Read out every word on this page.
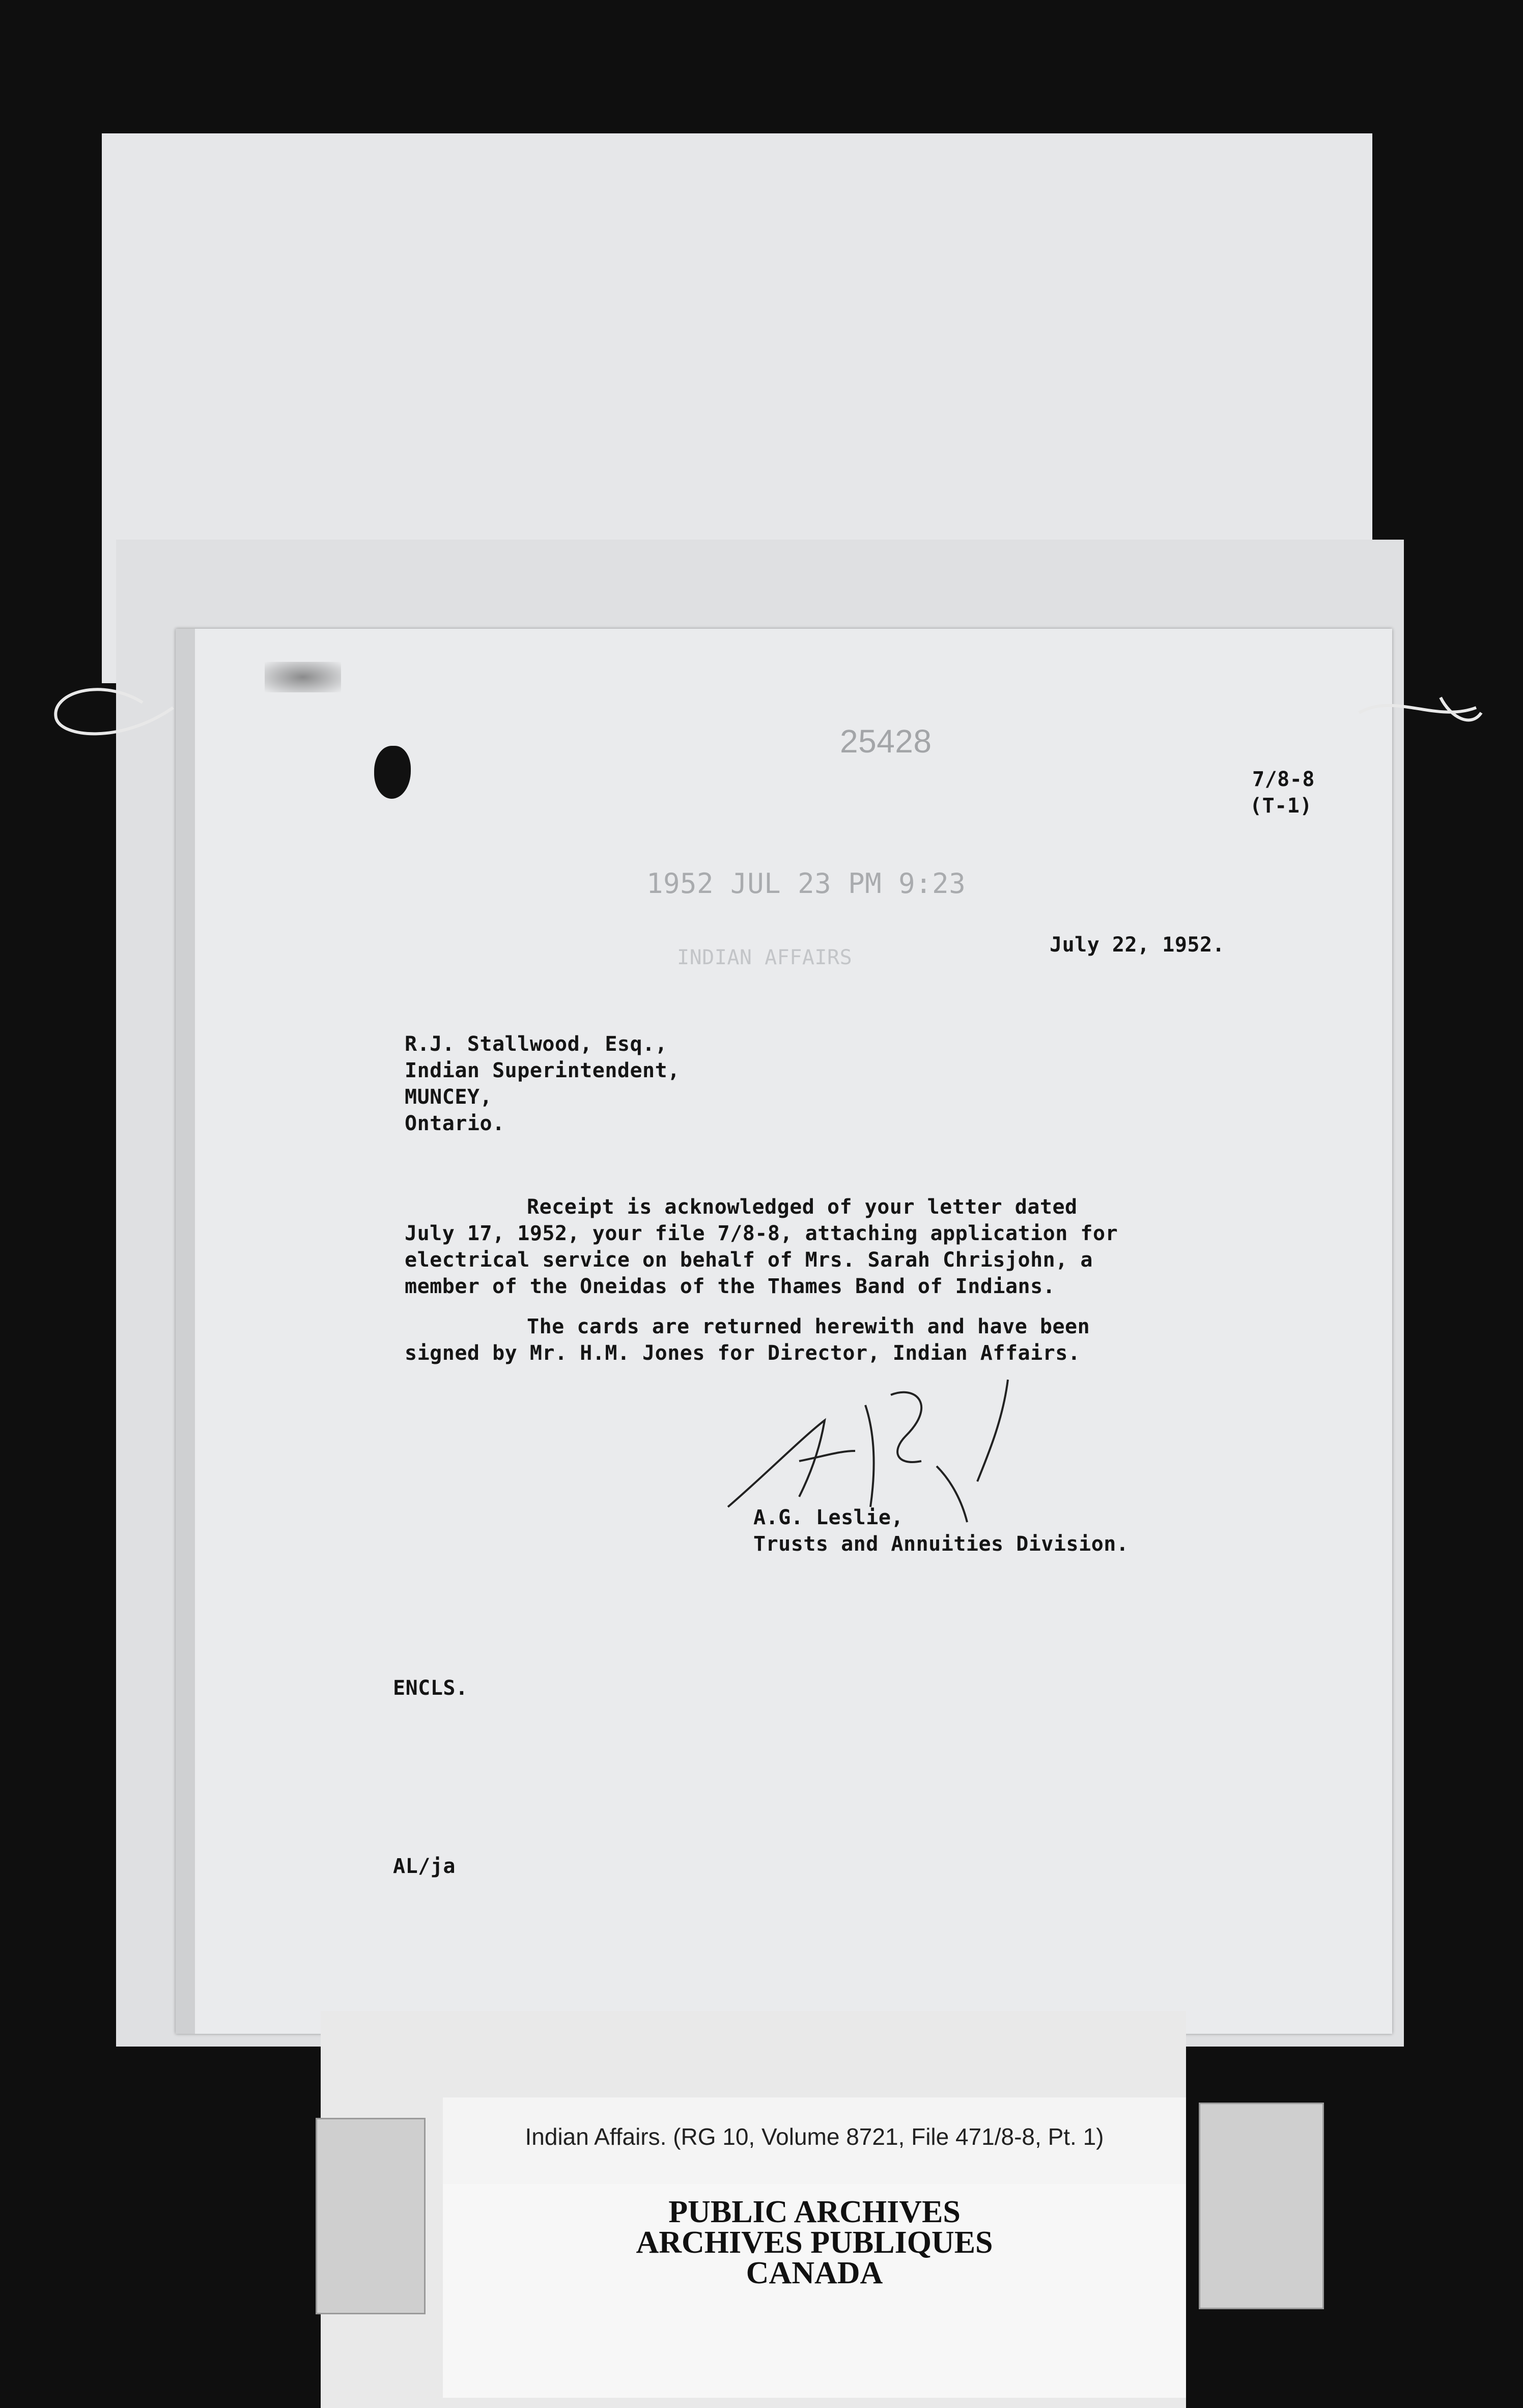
25428
1952 JUL 23 PM 9:23
INDIAN AFFAIRS
7/8-8
(T-1)
July 22, 1952.
R.J. Stallwood, Esq.,
Indian Superintendent,
MUNCEY,
Ontario.
Receipt is acknowledged of your letter dated
July 17, 1952, your file 7/8-8, attaching application for
electrical service on behalf of Mrs. Sarah Chrisjohn, a
member of the Oneidas of the Thames Band of Indians.
The cards are returned herewith and have been
signed by Mr. H.M. Jones for Director, Indian Affairs.
A.G. Leslie,
Trusts and Annuities Division.
ENCLS.
AL/ja
Indian Affairs. (RG 10, Volume 8721, File 471/8-8, Pt. 1)
PUBLIC ARCHIVES
ARCHIVES PUBLIQUES
CANADA
